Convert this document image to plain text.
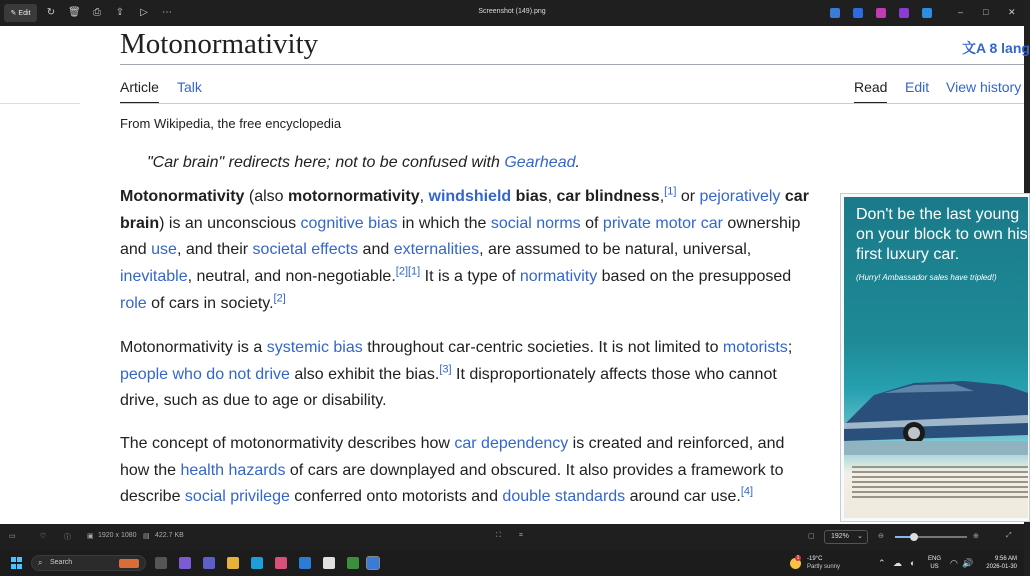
✎ Edit ↻ 🗑 ⎙ ⇪ ▷ ⋯	Screenshot (149).png	– □ ✕
Motonormativity	文A 8 lang
Article Talk	Read Edit View history
From Wikipedia, the free encyclopedia
"Car brain" redirects here; not to be confused with Gearhead.
Motonormativity (also motornormativity, windshield bias, car blindness,[1] or pejoratively car brain) is an unconscious cognitive bias in which the social norms of private motor car ownership and use, and their societal effects and externalities, are assumed to be natural, universal, inevitable, neutral, and non-negotiable.[2][1] It is a type of normativity based on the presupposed role of cars in society.[2]
Motonormativity is a systemic bias throughout car-centric societies. It is not limited to motorists; people who do not drive also exhibit the bias.[3] It disproportionately affects those who cannot drive, such as due to age or disability.
The concept of motonormativity describes how car dependency is created and reinforced, and how the health hazards of cars are downplayed and obscured. It also provides a framework to describe social privilege conferred onto motorists and double standards around car use.[4]
Don't be the last young on your block to own his first luxury car.
(Hurry! Ambassador sales have tripled!)
▭	♡	ⓘ ▣ 1920 x 1080 ▤ 422.7 KB	⛶	⌗	▢	192% ⌄ ⊖	⊕	⤢
⌕ Search
1 -19°C
Partly sunny	⌃ ☁ ◐ ENG
US ◠ 🔊	9:56 AM
2026-01-30
